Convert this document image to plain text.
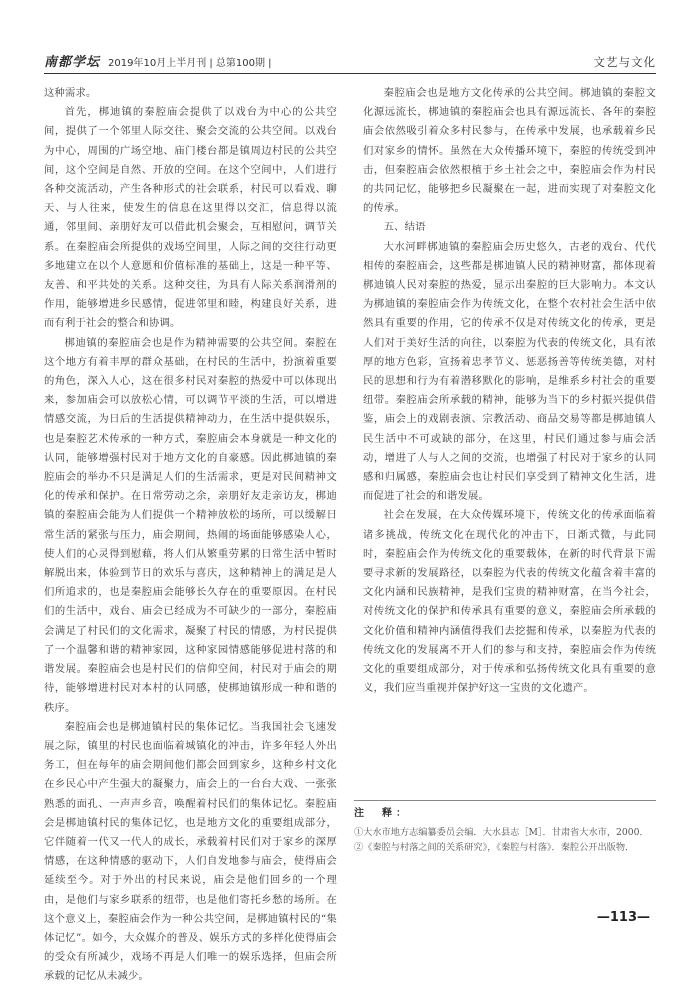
南都学坛 2019年10月上半月刊 | 总第100期 |	文艺与文化

这种需求。

首先，梆迪镇的秦腔庙会提供了以戏台为中心的公共空间，提供了一个邻里人际交往、聚会交流的公共空间。以戏台为中心，周围的广场空地、庙门楼台都是镇周边村民的公共空间，这个空间是自然、开放的空间。在这个空间中，人们进行各种交流活动，产生各种形式的社会联系，村民可以看戏、聊天、与人往来，使发生的信息在这里得以交汇，信息得以流通，邻里间、亲朋好友可以借此机会聚会，互相慰问，调节关系。在秦腔庙会所提供的戏场空间里，人际之间的交往行动更多地建立在以个人意愿和价值标准的基础上，这是一种平等、友善、和平共处的关系。这种交往，为具有人际关系润滑剂的作用，能够增进乡民感情，促进邻里和睦，构建良好关系，进而有利于社会的整合和协调。

梆迪镇的秦腔庙会也是作为精神需要的公共空间。秦腔在这个地方有着丰厚的群众基础，在村民的生活中，扮演着重要的角色，深入人心，这在很多村民对秦腔的热爱中可以体现出来，参加庙会可以放松心情，可以调节平淡的生活，可以增进情感交流，为日后的生活提供精神动力，在生活中提供娱乐，也是秦腔艺术传承的一种方式，秦腔庙会本身就是一种文化的认同，能够增强村民对于地方文化的自豪感。因此梆迪镇的秦腔庙会的举办不只是满足人们的生活需求，更是对民间精神文化的传承和保护。在日常劳动之余，亲朋好友走亲访友，梆迪镇的秦腔庙会能为人们提供一个精神放松的场所，可以缓解日常生活的紧张与压力，庙会期间，热闹的场面能够感染人心，使人们的心灵得到慰藉，将人们从繁重劳累的日常生活中暂时解脱出来，体验到节日的欢乐与喜庆，这种精神上的满足是人们所追求的，也是秦腔庙会能够长久存在的重要原因。在村民们的生活中，戏台、庙会已经成为不可缺少的一部分，秦腔庙会满足了村民们的文化需求，凝聚了村民的情感，为村民提供了一个温馨和谐的精神家园，这种家园情感能够促进村落的和谐发展。秦腔庙会也是村民们的信仰空间，村民对于庙会的期待，能够增进村民对本村的认同感，使梆迪镇形成一种和谐的秩序。

秦腔庙会也是梆迪镇村民的集体记忆。当我国社会飞速发展之际，镇里的村民也面临着城镇化的冲击，许多年轻人外出务工，但在每年的庙会期间他们都会回到家乡，这种乡村文化在乡民心中产生强大的凝聚力，庙会上的一台台大戏、一张张熟悉的面孔、一声声乡音，唤醒着村民们的集体记忆。秦腔庙会是梆迪镇村民的集体记忆，也是地方文化的重要组成部分，它伴随着一代又一代人的成长，承载着村民们对于家乡的深厚情感，在这种情感的驱动下，人们自发地参与庙会，使得庙会延续至今。对于外出的村民来说，庙会是他们回乡的一个理由，是他们与家乡联系的纽带，也是他们寄托乡愁的场所。在这个意义上，秦腔庙会作为一种公共空间，是梆迪镇村民的“集体记忆”。如今，大众媒介的普及、娱乐方式的多样化使得庙会的受众有所减少，戏场不再是人们唯一的娱乐选择，但庙会所承载的记忆从未减少。

秦腔庙会也是地方文化传承的公共空间。梆迪镇的秦腔文化源远流长，梆迪镇的秦腔庙会也具有源远流长、各年的秦腔庙会依然吸引着众多村民参与，在传承中发展，也承载着乡民们对家乡的情怀。虽然在大众传播环境下，秦腔的传统受到冲击，但秦腔庙会依然根植于乡土社会之中，秦腔庙会作为村民的共同记忆，能够把乡民凝聚在一起，进而实现了对秦腔文化的传承。

五、结语

大水河畔梆迪镇的秦腔庙会历史悠久，古老的戏台、代代相传的秦腔庙会，这些都是梆迪镇人民的精神财富，都体现着梆迪镇人民对秦腔的热爱，显示出秦腔的巨大影响力。本文认为梆迪镇的秦腔庙会作为传统文化，在整个农村社会生活中依然具有重要的作用，它的传承不仅是对传统文化的传承，更是人们对于美好生活的向往，以秦腔为代表的传统文化，具有浓厚的地方色彩，宣扬着忠孝节义、惩恶扬善等传统美德，对村民的思想和行为有着潜移默化的影响，是维系乡村社会的重要纽带。秦腔庙会所承载的精神，能够为当下的乡村振兴提供借鉴，庙会上的戏剧表演、宗教活动、商品交易等都是梆迪镇人民生活中不可或缺的部分，在这里，村民们通过参与庙会活动，增进了人与人之间的交流，也增强了村民对于家乡的认同感和归属感，秦腔庙会也让村民们享受到了精神文化生活，进而促进了社会的和谐发展。

社会在发展，在大众传媒环境下，传统文化的传承面临着诸多挑战，传统文化在现代化的冲击下，日渐式微，与此同时，秦腔庙会作为传统文化的重要载体，在新的时代背景下需要寻求新的发展路径，以秦腔为代表的传统文化蕴含着丰富的文化内涵和民族精神，是我们宝贵的精神财富，在当今社会，对传统文化的保护和传承具有重要的意义，秦腔庙会所承载的文化价值和精神内涵值得我们去挖掘和传承，以秦腔为代表的传统文化的发展离不开人们的参与和支持，秦腔庙会作为传统文化的重要组成部分，对于传承和弘扬传统文化具有重要的意义，我们应当重视并保护好这一宝贵的文化遗产。

注　释：

①大水市地方志编纂委员会编．大水县志［M］．甘肃省大水市，2000．

②《秦腔与村落之间的关系研究》，《秦腔与村落》．秦腔公开出版物．

—113—
